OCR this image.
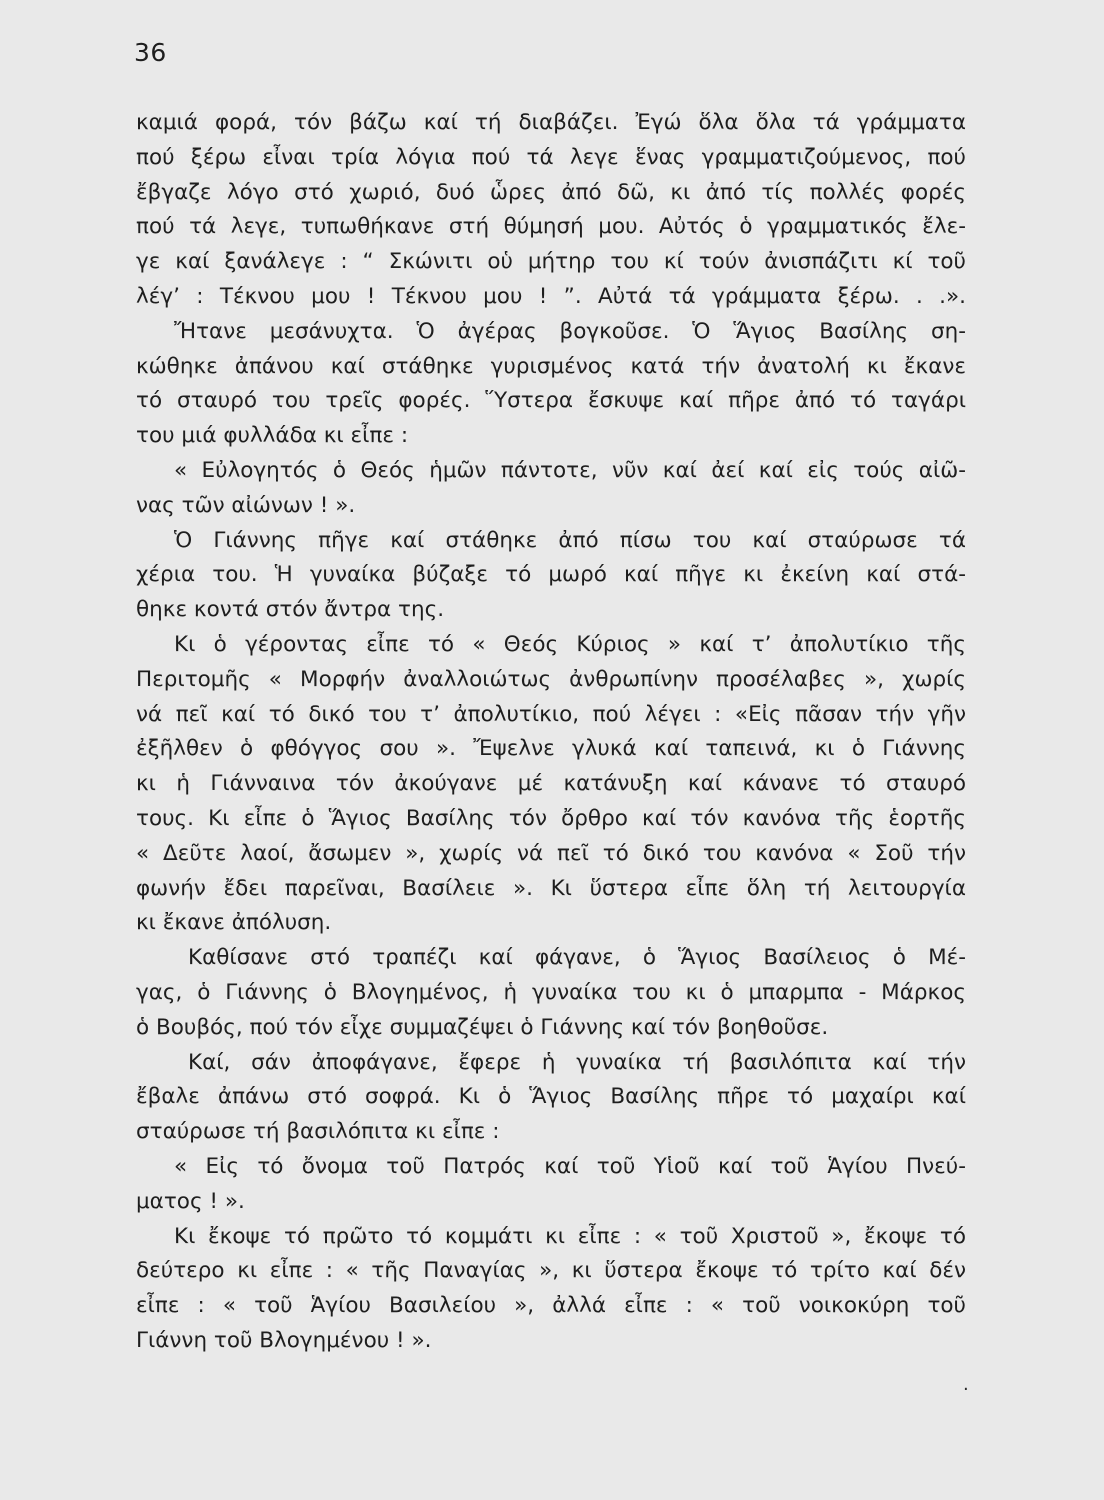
36
καμιά φορά, τόν βάζω καί τή διαβάζει. Ἐγώ ὅλα ὅλα τά γράμματα
πού ξέρω εἶναι τρία λόγια πού τά λεγε ἕνας γραμματιζούμενος, πού
ἔβγαζε λόγο στό χωριό, δυό ὧρες ἀπό δῶ, κι ἀπό τίς πολλές φορές
πού τά λεγε, τυπωθήκανε στή θύμησή μου. Αὐτός ὁ γραμματικός ἔλε-
γε καί ξανάλεγε : “ Σκώνιτι οὑ μήτηρ του κί τούν ἀνισπάζιτι κί τοῦ
λέγ’ : Τέκνου μου ! Τέκνου μου ! ”. Αὐτά τά γράμματα ξέρω. . .».
Ἤτανε μεσάνυχτα. Ὁ ἀγέρας βογκοῦσε. Ὁ Ἅγιος Βασίλης ση-
κώθηκε ἀπάνου καί στάθηκε γυρισμένος κατά τήν ἀνατολή κι ἔκανε
τό σταυρό του τρεῖς φορές. Ὕστερα ἔσκυψε καί πῆρε ἀπό τό ταγάρι
του μιά φυλλάδα κι εἶπε :
« Εὐλογητός ὁ Θεός ἡμῶν πάντοτε, νῦν καί ἀεί καί εἰς τούς αἰῶ-
νας τῶν αἰώνων ! ».
Ὁ Γιάννης πῆγε καί στάθηκε ἀπό πίσω του καί σταύρωσε τά
χέρια του. Ἡ γυναίκα βύζαξε τό μωρό καί πῆγε κι ἐκείνη καί στά-
θηκε κοντά στόν ἄντρα της.
Κι ὁ γέροντας εἶπε τό « Θεός Κύριος » καί τ’ ἀπολυτίκιο τῆς
Περιτομῆς « Μορφήν ἀναλλοιώτως ἀνθρωπίνην προσέλαβες », χωρίς
νά πεῖ καί τό δικό του τ’ ἀπολυτίκιο, πού λέγει : «Εἰς πᾶσαν τήν γῆν
ἐξῆλθεν ὁ φθόγγος σου ». Ἔψελνε γλυκά καί ταπεινά, κι ὁ Γιάννης
κι ἡ Γιάνναινα τόν ἀκούγανε μέ κατάνυξη καί κάνανε τό σταυρό
τους. Κι εἶπε ὁ Ἅγιος Βασίλης τόν ὄρθρο καί τόν κανόνα τῆς ἑορτῆς
« Δεῦτε λαοί, ἄσωμεν », χωρίς νά πεῖ τό δικό του κανόνα « Σοῦ τήν
φωνήν ἔδει παρεῖναι, Βασίλειε ». Κι ὕστερα εἶπε ὅλη τή λειτουργία
κι ἔκανε ἀπόλυση.
Καθίσανε στό τραπέζι καί φάγανε, ὁ Ἅγιος Βασίλειος ὁ Μέ-
γας, ὁ Γιάννης ὁ Βλογημένος, ἡ γυναίκα του κι ὁ μπαρμπα - Μάρκος
ὁ Βουβός, πού τόν εἶχε συμμαζέψει ὁ Γιάννης καί τόν βοηθοῦσε.
Καί, σάν ἀποφάγανε, ἔφερε ἡ γυναίκα τή βασιλόπιτα καί τήν
ἔβαλε ἀπάνω στό σοφρά. Κι ὁ Ἅγιος Βασίλης πῆρε τό μαχαίρι καί
σταύρωσε τή βασιλόπιτα κι εἶπε :
« Εἰς τό ὄνομα τοῦ Πατρός καί τοῦ Υἱοῦ καί τοῦ Ἁγίου Πνεύ-
ματος ! ».
Κι ἔκοψε τό πρῶτο τό κομμάτι κι εἶπε : « τοῦ Χριστοῦ », ἔκοψε τό
δεύτερο κι εἶπε : « τῆς Παναγίας », κι ὕστερα ἔκοψε τό τρίτο καί δέν
εἶπε : « τοῦ Ἁγίου Βασιλείου », ἀλλά εἶπε : « τοῦ νοικοκύρη τοῦ
Γιάννη τοῦ Βλογημένου ! ».
.
